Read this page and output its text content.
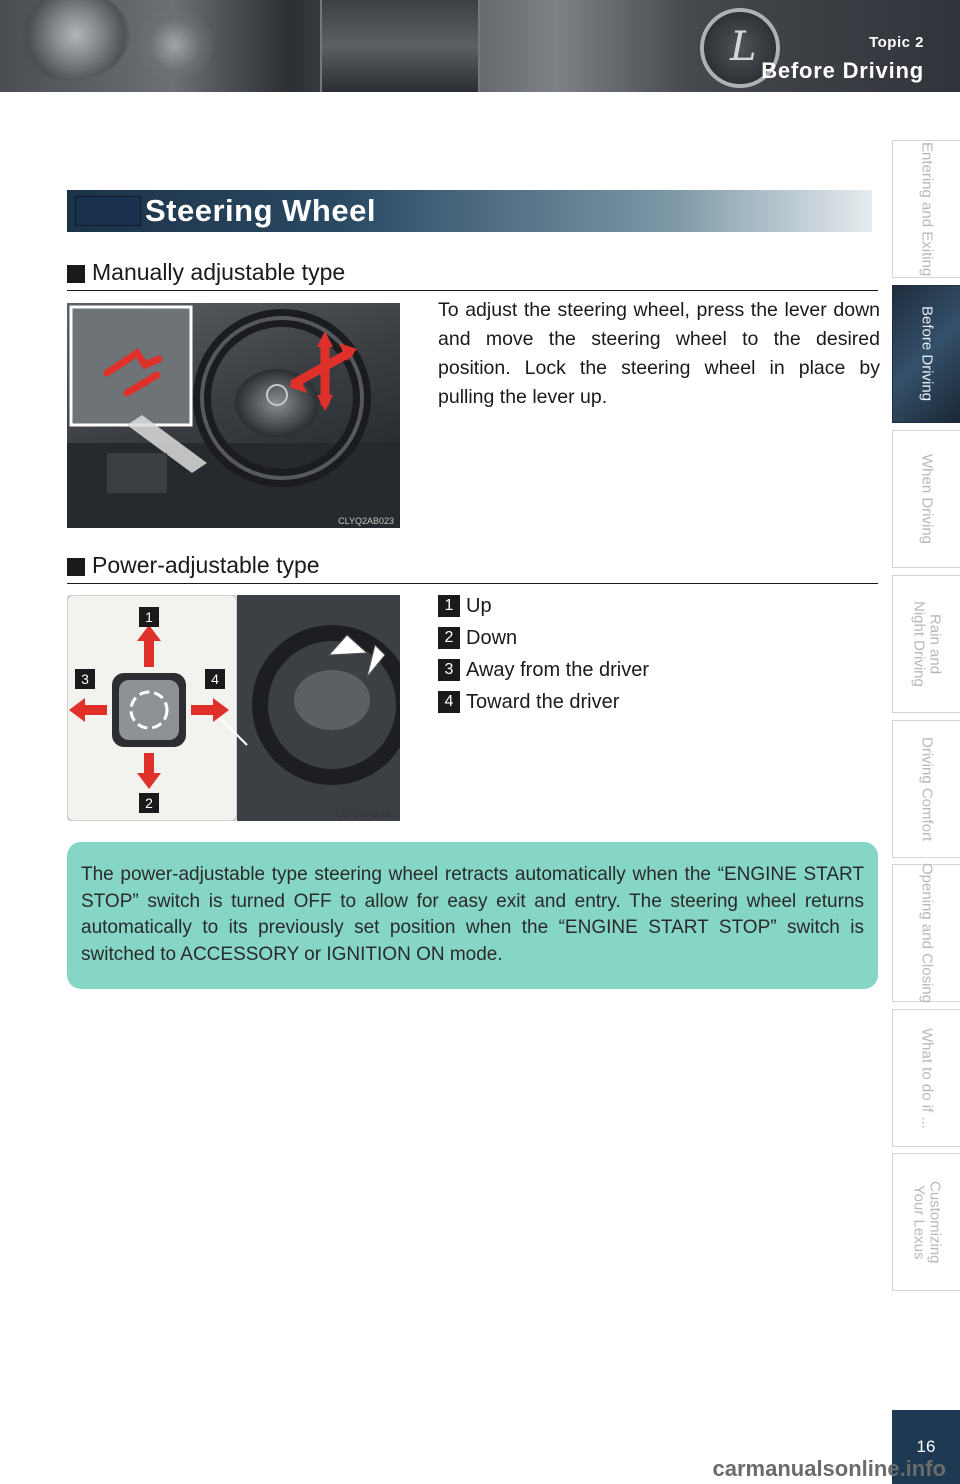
L	Topic 2
Before Driving
Entering and Exiting
Before Driving
When Driving
Rain and
Night Driving
Driving Comfort
Opening and Closing
What to do if ...
Customizing
Your Lexus
16
Steering Wheel
Manually adjustable type
CLYQ2AB023
To adjust the steering wheel, press the lever down and move the steering wheel to the desired position. Lock the steering wheel in place by pulling the lever up.
Power-adjustable type
1
2
3	4
CLYQGAB732
1 Up
2 Down
3 Away from the driver
4 Toward the driver
The power-adjustable type steering wheel retracts automatically when the “ENGINE START STOP” switch is turned OFF to allow for easy exit and entry. The steering wheel returns automatically to its previously set position when the “ENGINE START STOP” switch is switched to ACCESSORY or IGNITION ON mode.
carmanualsonline.info
